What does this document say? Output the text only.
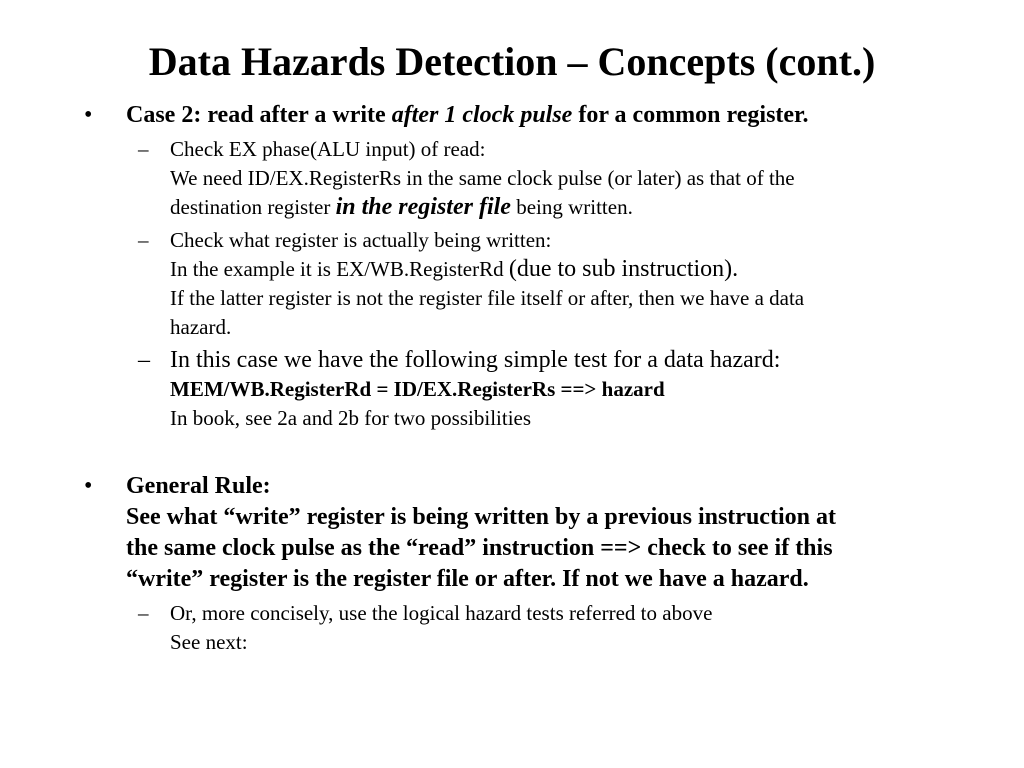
Data Hazards Detection – Concepts (cont.)
• Case 2: read after a write after 1 clock pulse for a common register.
– Check EX phase(ALU input) of read:
We need ID/EX.RegisterRs in the same clock pulse (or later) as that of the
destination register in the register file being written.
– Check what register is actually being written:
In the example it is EX/WB.RegisterRd (due to sub instruction).
If the latter register is not the register file itself or after, then we have a data
hazard.
– In this case we have the following simple test for a data hazard:
MEM/WB.RegisterRd = ID/EX.RegisterRs ==> hazard
In book, see 2a and 2b for two possibilities
• General Rule:
See what “write” register is being written by a previous instruction at
the same clock pulse as the “read” instruction ==> check to see if this
“write” register is the register file or after. If not we have a hazard.
– Or, more concisely, use the logical hazard tests referred to above
See next:
